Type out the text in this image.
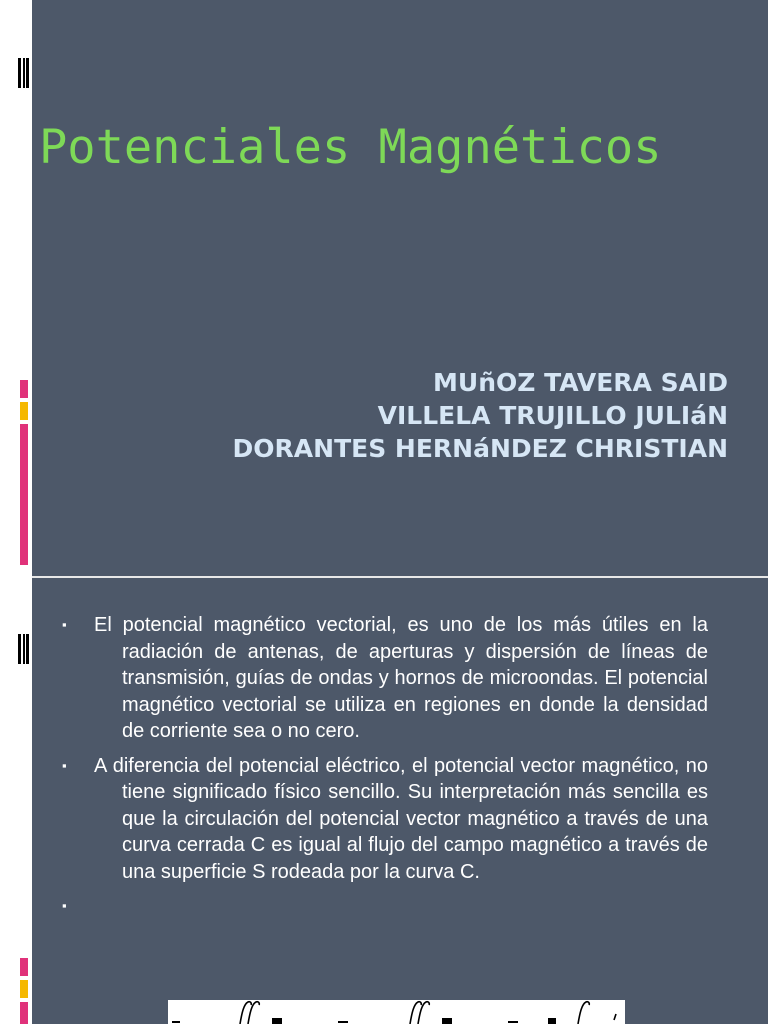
Potenciales Magnéticos
MUñOZ TAVERA SAID
VILLELA TRUJILLO JULIáN
DORANTES HERNáNDEZ CHRISTIAN
▪ El potencial magnético vectorial, es uno de los más útiles en la radiación de antenas, de aperturas y dispersión de líneas de transmisión, guías de ondas y hornos de microondas. El potencial magnético vectorial se utiliza en regiones en donde la densidad de corriente sea o no cero.
▪ A diferencia del potencial eléctrico, el potencial vector magnético, no tiene significado físico sencillo. Su interpretación más sencilla es que la circulación del potencial vector magnético a través de una curva cerrada C es igual al flujo del campo magnético a través de una superficie S rodeada por la curva C.
▪
